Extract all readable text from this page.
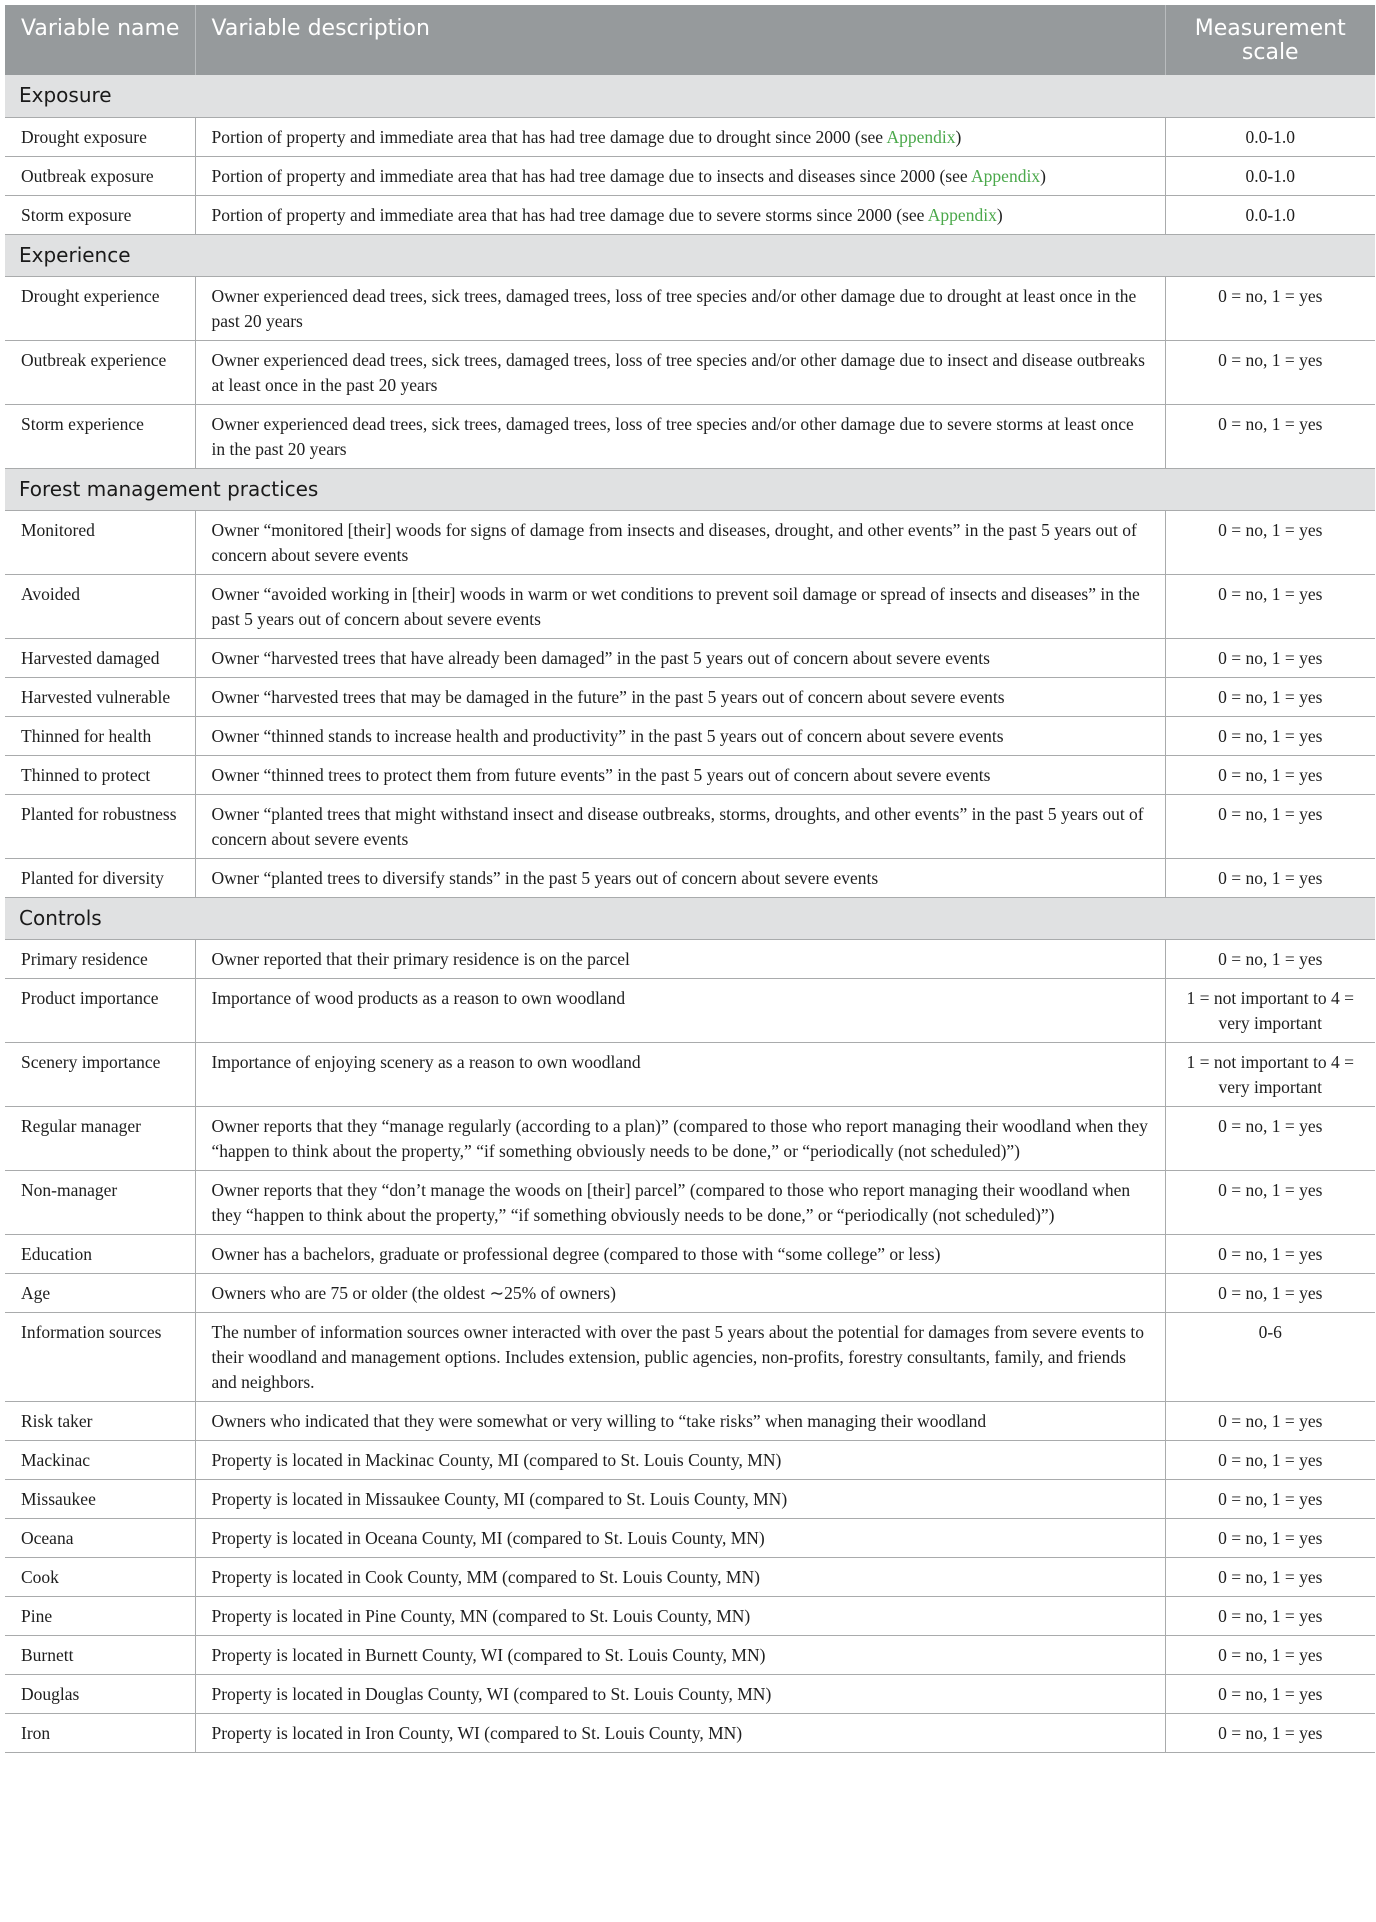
Variable name	Variable description	Measurement scale
Exposure		
Drought exposure	Portion of property and immediate area that has had tree damage due to drought since 2000 (see Appendix)	0.0-1.0
Outbreak exposure	Portion of property and immediate area that has had tree damage due to insects and diseases since 2000 (see Appendix)	0.0-1.0
Storm exposure	Portion of property and immediate area that has had tree damage due to severe storms since 2000 (see Appendix)	0.0-1.0
Experience		
Drought experience	Owner experienced dead trees, sick trees, damaged trees, loss of tree species and/or other damage due to drought at least once in the past 20 years	0 = no, 1 = yes
Outbreak experience	Owner experienced dead trees, sick trees, damaged trees, loss of tree species and/or other damage due to insect and disease outbreaks at least once in the past 20 years	0 = no, 1 = yes
Storm experience	Owner experienced dead trees, sick trees, damaged trees, loss of tree species and/or other damage due to severe storms at least once in the past 20 years	0 = no, 1 = yes
Forest management practices		
Monitored	Owner “monitored [their] woods for signs of damage from insects and diseases, drought, and other events” in the past 5 years out of concern about severe events	0 = no, 1 = yes
Avoided	Owner “avoided working in [their] woods in warm or wet conditions to prevent soil damage or spread of insects and diseases” in the past 5 years out of concern about severe events	0 = no, 1 = yes
Harvested damaged	Owner “harvested trees that have already been damaged” in the past 5 years out of concern about severe events	0 = no, 1 = yes
Harvested vulnerable	Owner “harvested trees that may be damaged in the future” in the past 5 years out of concern about severe events	0 = no, 1 = yes
Thinned for health	Owner “thinned stands to increase health and productivity” in the past 5 years out of concern about severe events	0 = no, 1 = yes
Thinned to protect	Owner “thinned trees to protect them from future events” in the past 5 years out of concern about severe events	0 = no, 1 = yes
Planted for robustness	Owner “planted trees that might withstand insect and disease outbreaks, storms, droughts, and other events” in the past 5 years out of concern about severe events	0 = no, 1 = yes
Planted for diversity	Owner “planted trees to diversify stands” in the past 5 years out of concern about severe events	0 = no, 1 = yes
Controls		
Primary residence	Owner reported that their primary residence is on the parcel	0 = no, 1 = yes
Product importance	Importance of wood products as a reason to own woodland	1 = not important to 4 = very important
Scenery importance	Importance of enjoying scenery as a reason to own woodland	1 = not important to 4 = very important
Regular manager	Owner reports that they “manage regularly (according to a plan)” (compared to those who report managing their woodland when they “happen to think about the property,” “if something obviously needs to be done,” or “periodically (not scheduled)”)	0 = no, 1 = yes
Non-manager	Owner reports that they “don’t manage the woods on [their] parcel” (compared to those who report managing their woodland when they “happen to think about the property,” “if something obviously needs to be done,” or “periodically (not scheduled)”)	0 = no, 1 = yes
Education	Owner has a bachelors, graduate or professional degree (compared to those with “some college” or less)	0 = no, 1 = yes
Age	Owners who are 75 or older (the oldest ∼25% of owners)	0 = no, 1 = yes
Information sources	The number of information sources owner interacted with over the past 5 years about the potential for damages from severe events to their woodland and management options. Includes extension, public agencies, non-profits, forestry consultants, family, and friends and neighbors.	0-6
Risk taker	Owners who indicated that they were somewhat or very willing to “take risks” when managing their woodland	0 = no, 1 = yes
Mackinac	Property is located in Mackinac County, MI (compared to St. Louis County, MN)	0 = no, 1 = yes
Missaukee	Property is located in Missaukee County, MI (compared to St. Louis County, MN)	0 = no, 1 = yes
Oceana	Property is located in Oceana County, MI (compared to St. Louis County, MN)	0 = no, 1 = yes
Cook	Property is located in Cook County, MM (compared to St. Louis County, MN)	0 = no, 1 = yes
Pine	Property is located in Pine County, MN (compared to St. Louis County, MN)	0 = no, 1 = yes
Burnett	Property is located in Burnett County, WI (compared to St. Louis County, MN)	0 = no, 1 = yes
Douglas	Property is located in Douglas County, WI (compared to St. Louis County, MN)	0 = no, 1 = yes
Iron	Property is located in Iron County, WI (compared to St. Louis County, MN)	0 = no, 1 = yes
